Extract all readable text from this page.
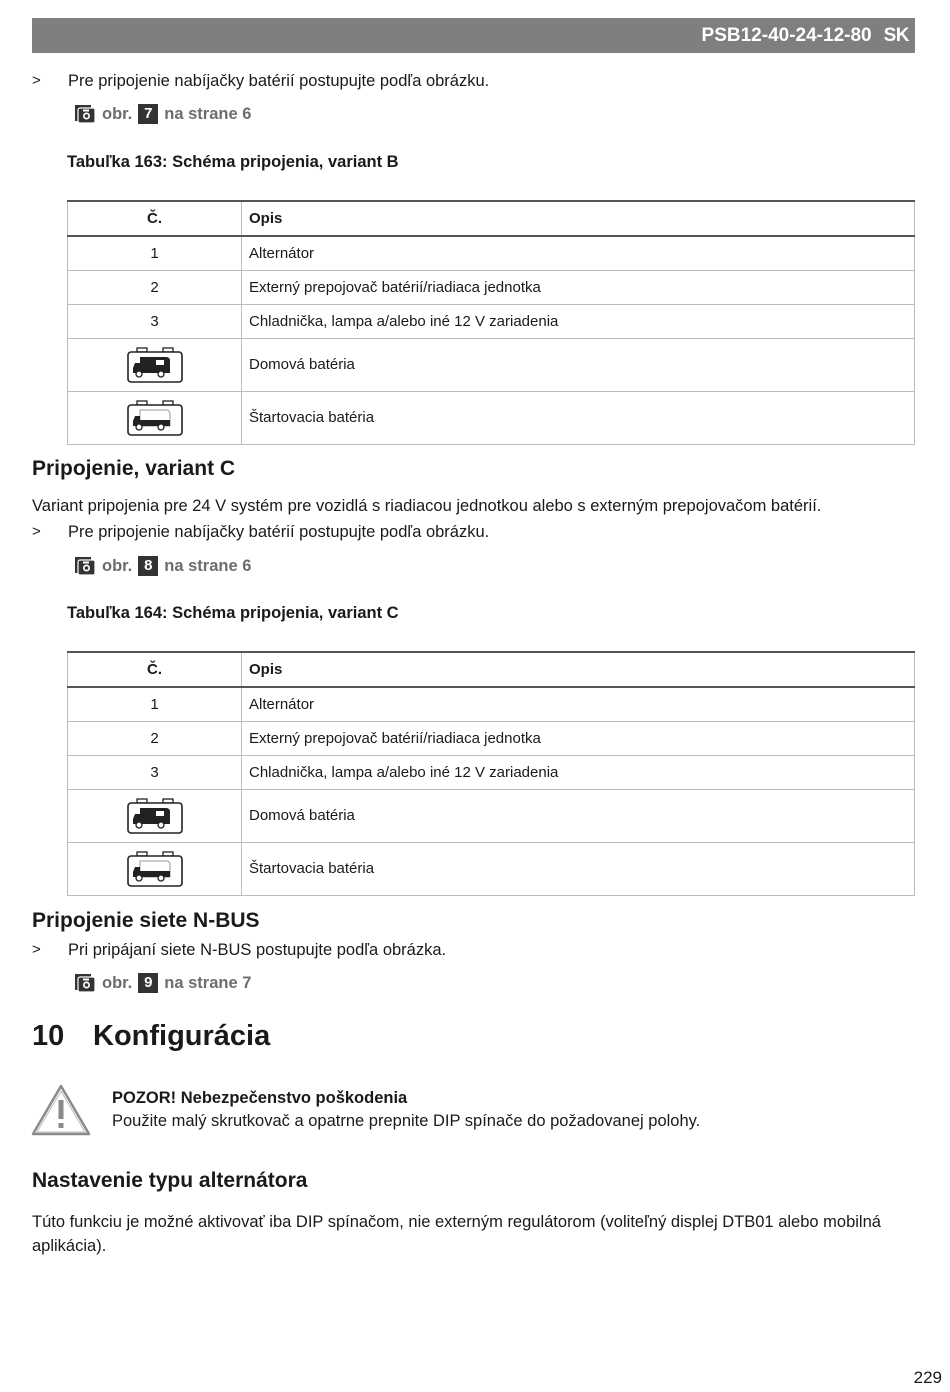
PSB12-40-24-12-80 SK
>	Pre pripojenie nabíjačky batérií postupujte podľa obrázku.
obr. 7 na strane 6
Tabuľka 163: Schéma pripojenia, variant B
Č.	Opis
1	Alternátor
2	Externý prepojovač batérií/riadiaca jednotka
3	Chladnička, lampa a/alebo iné 12 V zariadenia
	Domová batéria
	Štartovacia batéria
Pripojenie, variant C
Variant pripojenia pre 24 V systém pre vozidlá s riadiacou jednotkou alebo s externým prepojovačom batérií.
>	Pre pripojenie nabíjačky batérií postupujte podľa obrázku.
obr. 8 na strane 6
Tabuľka 164: Schéma pripojenia, variant C
Č.	Opis
1	Alternátor
2	Externý prepojovač batérií/riadiaca jednotka
3	Chladnička, lampa a/alebo iné 12 V zariadenia
	Domová batéria
	Štartovacia batéria
Pripojenie siete N-BUS
>	Pri pripájaní siete N-BUS postupujte podľa obrázka.
obr. 9 na strane 7
10 Konfigurácia
POZOR! Nebezpečenstvo poškodenia
Použite malý skrutkovač a opatrne prepnite DIP spínače do požadovanej polohy.
Nastavenie typu alternátora
Túto funkciu je možné aktivovať iba DIP spínačom, nie externým regulátorom (voliteľný displej DTB01 alebo mobilná aplikácia).
229
